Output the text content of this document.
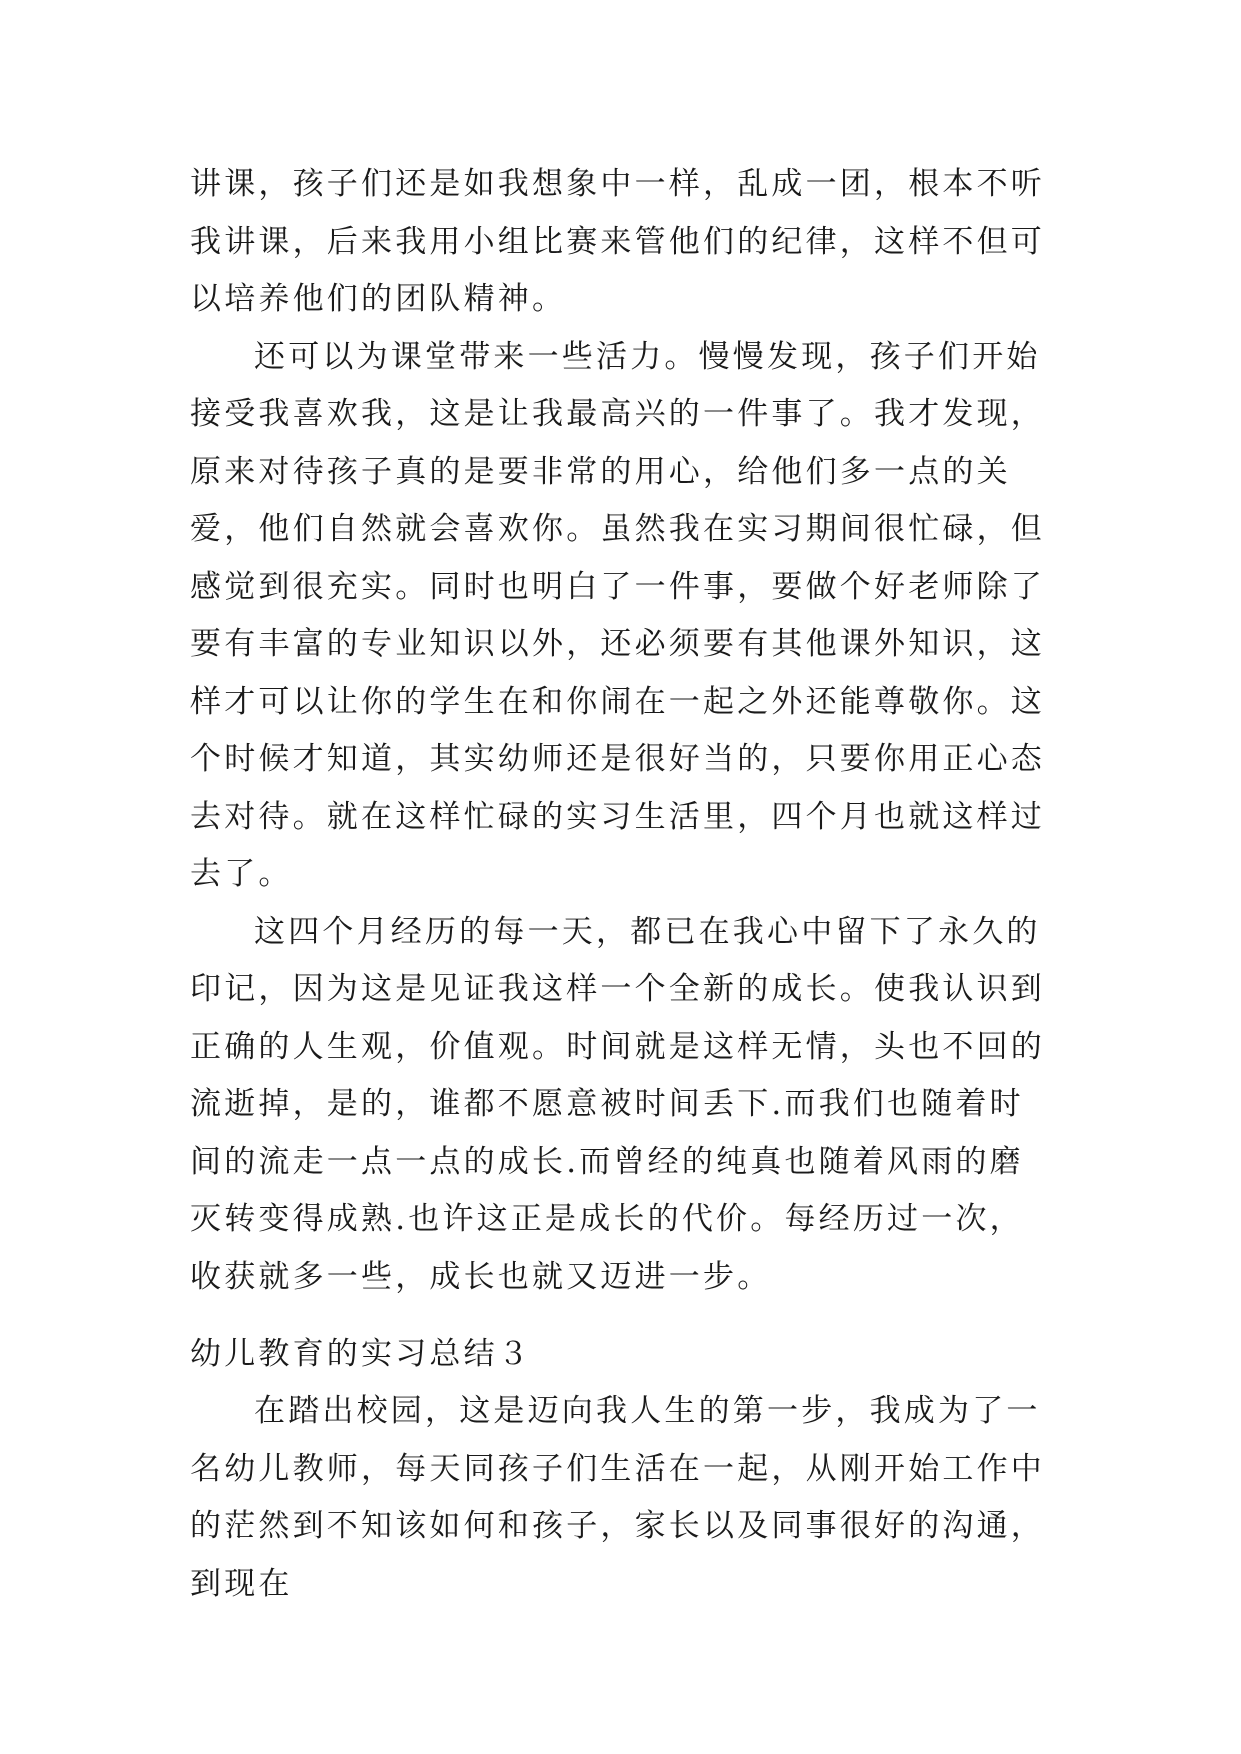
讲课，孩子们还是如我想象中一样，乱成一团，根本不听我讲课，后来我用小组比赛来管他们的纪律，这样不但可以培养他们的团队精神。

还可以为课堂带来一些活力。慢慢发现，孩子们开始接受我喜欢我，这是让我最高兴的一件事了。我才发现，原来对待孩子真的是要非常的用心，给他们多一点的关爱，他们自然就会喜欢你。虽然我在实习期间很忙碌，但感觉到很充实。同时也明白了一件事，要做个好老师除了要有丰富的专业知识以外，还必须要有其他课外知识，这样才可以让你的学生在和你闹在一起之外还能尊敬你。这个时候才知道，其实幼师还是很好当的，只要你用正心态去对待。就在这样忙碌的实习生活里，四个月也就这样过去了。

这四个月经历的每一天，都已在我心中留下了永久的印记，因为这是见证我这样一个全新的成长。使我认识到正确的人生观，价值观。时间就是这样无情，头也不回的流逝掉，是的，谁都不愿意被时间丢下.而我们也随着时间的流走一点一点的成长.而曾经的纯真也随着风雨的磨灭转变得成熟.也许这正是成长的代价。每经历过一次，收获就多一些，成长也就又迈进一步。

幼儿教育的实习总结３

在踏出校园，这是迈向我人生的第一步，我成为了一名幼儿教师，每天同孩子们生活在一起，从刚开始工作中的茫然到不知该如何和孩子，家长以及同事很好的沟通，到现在
